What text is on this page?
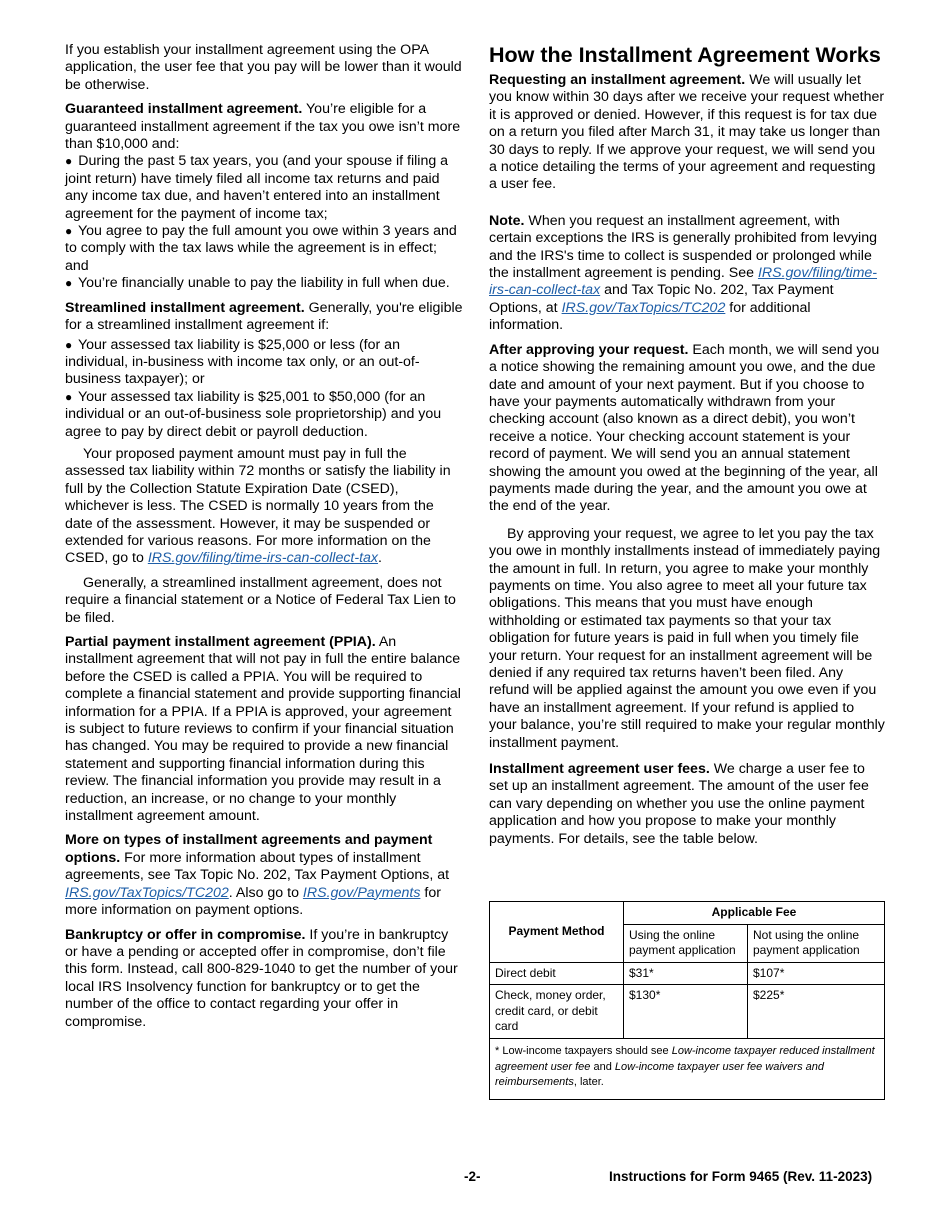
If you establish your installment agreement using the OPA application, the user fee that you pay will be lower than it would be otherwise.

Guaranteed installment agreement. You’re eligible for a guaranteed installment agreement if the tax you owe isn’t more than $10,000 and:

● During the past 5 tax years, you (and your spouse if filing a joint return) have timely filed all income tax returns and paid any income tax due, and haven’t entered into an installment agreement for the payment of income tax;

● You agree to pay the full amount you owe within 3 years and to comply with the tax laws while the agreement is in effect; and

● You’re financially unable to pay the liability in full when due.

Streamlined installment agreement. Generally, you're eligible for a streamlined installment agreement if:

● Your assessed tax liability is $25,000 or less (for an individual, in-business with income tax only, or an out-of-business taxpayer); or

● Your assessed tax liability is $25,001 to $50,000 (for an individual or an out-of-business sole proprietorship) and you agree to pay by direct debit or payroll deduction.

Your proposed payment amount must pay in full the assessed tax liability within 72 months or satisfy the liability in full by the Collection Statute Expiration Date (CSED), whichever is less. The CSED is normally 10 years from the date of the assessment. However, it may be suspended or extended for various reasons. For more information on the CSED, go to IRS.gov/filing/time-irs-can-collect-tax.

Generally, a streamlined installment agreement, does not require a financial statement or a Notice of Federal Tax Lien to be filed.

Partial payment installment agreement (PPIA). An installment agreement that will not pay in full the entire balance before the CSED is called a PPIA. You will be required to complete a financial statement and provide supporting financial information for a PPIA. If a PPIA is approved, your agreement is subject to future reviews to confirm if your financial situation has changed. You may be required to provide a new financial statement and supporting financial information during this review. The financial information you provide may result in a reduction, an increase, or no change to your monthly installment agreement amount.

More on types of installment agreements and payment options. For more information about types of installment agreements, see Tax Topic No. 202, Tax Payment Options, at IRS.gov/TaxTopics/TC202. Also go to IRS.gov/Payments for more information on payment options.

Bankruptcy or offer in compromise. If you’re in bankruptcy or have a pending or accepted offer in compromise, don’t file this form. Instead, call 800-829-1040 to get the number of your local IRS Insolvency function for bankruptcy or to get the number of the office to contact regarding your offer in compromise.

How the Installment Agreement Works

Requesting an installment agreement. We will usually let you know within 30 days after we receive your request whether it is approved or denied. However, if this request is for tax due on a return you filed after March 31, it may take us longer than 30 days to reply. If we approve your request, we will send you a notice detailing the terms of your agreement and requesting a user fee.

Note. When you request an installment agreement, with certain exceptions the IRS is generally prohibited from levying and the IRS's time to collect is suspended or prolonged while the installment agreement is pending. See IRS.gov/filing/time-irs-can-collect-tax and Tax Topic No. 202, Tax Payment Options, at IRS.gov/TaxTopics/TC202 for additional information.

After approving your request. Each month, we will send you a notice showing the remaining amount you owe, and the due date and amount of your next payment. But if you choose to have your payments automatically withdrawn from your checking account (also known as a direct debit), you won’t receive a notice. Your checking account statement is your record of payment. We will send you an annual statement showing the amount you owed at the beginning of the year, all payments made during the year, and the amount you owe at the end of the year.

By approving your request, we agree to let you pay the tax you owe in monthly installments instead of immediately paying the amount in full. In return, you agree to make your monthly payments on time. You also agree to meet all your future tax obligations. This means that you must have enough withholding or estimated tax payments so that your tax obligation for future years is paid in full when you timely file your return. Your request for an installment agreement will be denied if any required tax returns haven’t been filed. Any refund will be applied against the amount you owe even if you have an installment agreement. If your refund is applied to your balance, you’re still required to make your regular monthly installment payment.

Installment agreement user fees. We charge a user fee to set up an installment agreement. The amount of the user fee can vary depending on whether you use the online payment application and how you propose to make your monthly payments. For details, see the table below.

Payment Method	Applicable Fee	
	Using the online payment application	Not using the online payment application
Direct debit	$31*	$107*
Check, money order, credit card, or debit card	$130*	$225*
* Low-income taxpayers should see Low-income taxpayer reduced installment agreement user fee and Low-income taxpayer user fee waivers and reimbursements, later.		
-2-	Instructions for Form 9465 (Rev. 11-2023)
